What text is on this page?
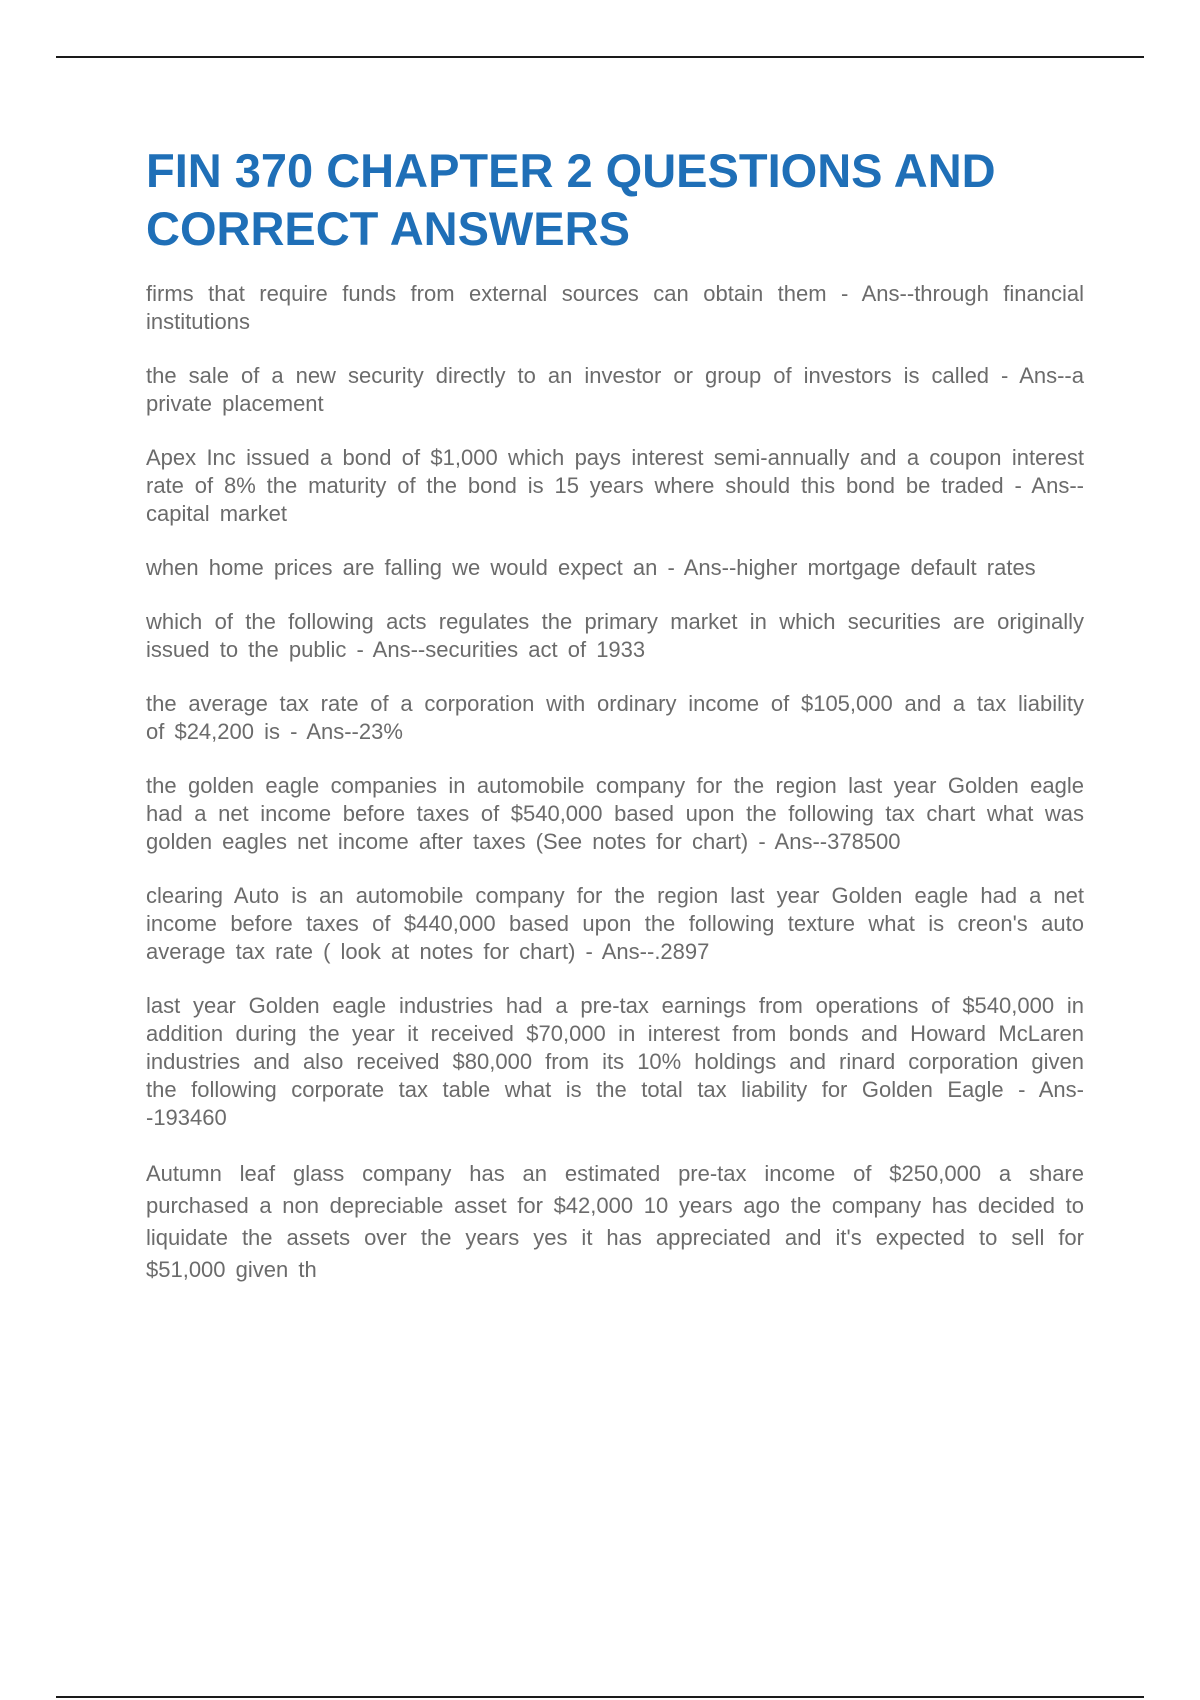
FIN 370 CHAPTER 2 QUESTIONS AND CORRECT ANSWERS

firms that require funds from external sources can obtain them - Ans--through financial institutions

the sale of a new security directly to an investor or group of investors is called - Ans--a private placement

Apex Inc issued a bond of $1,000 which pays interest semi-annually and a coupon interest rate of 8% the maturity of the bond is 15 years where should this bond be traded - Ans--capital market

when home prices are falling we would expect an - Ans--higher mortgage default rates

which of the following acts regulates the primary market in which securities are originally issued to the public - Ans--securities act of 1933

the average tax rate of a corporation with ordinary income of $105,000 and a tax liability of $24,200 is - Ans--23%

the golden eagle companies in automobile company for the region last year Golden eagle had a net income before taxes of $540,000 based upon the following tax chart what was golden eagles net income after taxes (See notes for chart) - Ans--378500

clearing Auto is an automobile company for the region last year Golden eagle had a net income before taxes of $440,000 based upon the following texture what is creon's auto average tax rate ( look at notes for chart) - Ans--.2897

last year Golden eagle industries had a pre-tax earnings from operations of $540,000 in addition during the year it received $70,000 in interest from bonds and Howard McLaren industries and also received $80,000 from its 10% holdings and rinard corporation given the following corporate tax table what is the total tax liability for Golden Eagle - Ans--193460

Autumn leaf glass company has an estimated pre-tax income of $250,000 a share purchased a non depreciable asset for $42,000 10 years ago the company has decided to liquidate the assets over the years yes it has appreciated and it's expected to sell for $51,000 given th
